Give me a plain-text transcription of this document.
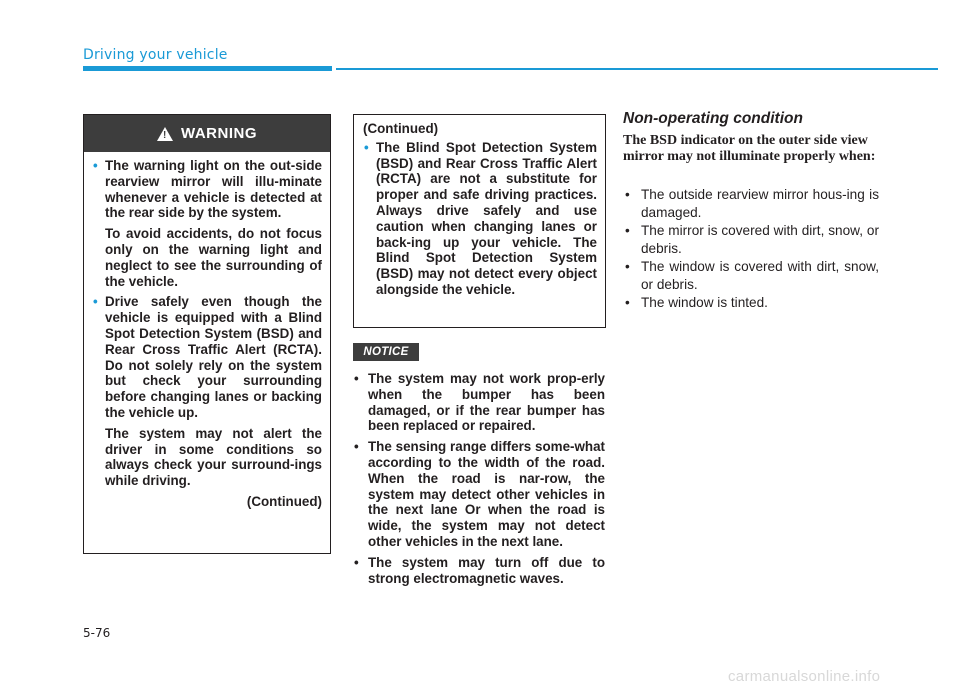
Driving your vehicle
! WARNING

• The warning light on the out-side rearview mirror will illu-minate whenever a vehicle is detected at the rear side by the system.

To avoid accidents, do not focus only on the warning light and neglect to see the surrounding of the vehicle.

• Drive safely even though the vehicle is equipped with a Blind Spot Detection System (BSD) and Rear Cross Traffic Alert (RCTA). Do not solely rely on the system but check your surrounding before changing lanes or backing the vehicle up.

The system may not alert the driver in some conditions so always check your surround-ings while driving.

(Continued)

(Continued)

• The Blind Spot Detection System (BSD) and Rear Cross Traffic Alert (RCTA) are not a substitute for proper and safe driving practices. Always drive safely and use caution when changing lanes or back-ing up your vehicle. The Blind Spot Detection System (BSD) may not detect every object alongside the vehicle.

NOTICE
• The system may not work prop-erly when the bumper has been damaged, or if the rear bumper has been replaced or repaired.
• The sensing range differs some-what according to the width of the road. When the road is nar-row, the system may detect other vehicles in the next lane Or when the road is wide, the system may not detect other vehicles in the next lane.
• The system may turn off due to strong electromagnetic waves.
Non-operating condition
The BSD indicator on the outer side view mirror may not illuminate properly when:
• The outside rearview mirror hous-ing is damaged.
• The mirror is covered with dirt, snow, or debris.
• The window is covered with dirt, snow, or debris.
• The window is tinted.
5-76
carmanualsonline.info
